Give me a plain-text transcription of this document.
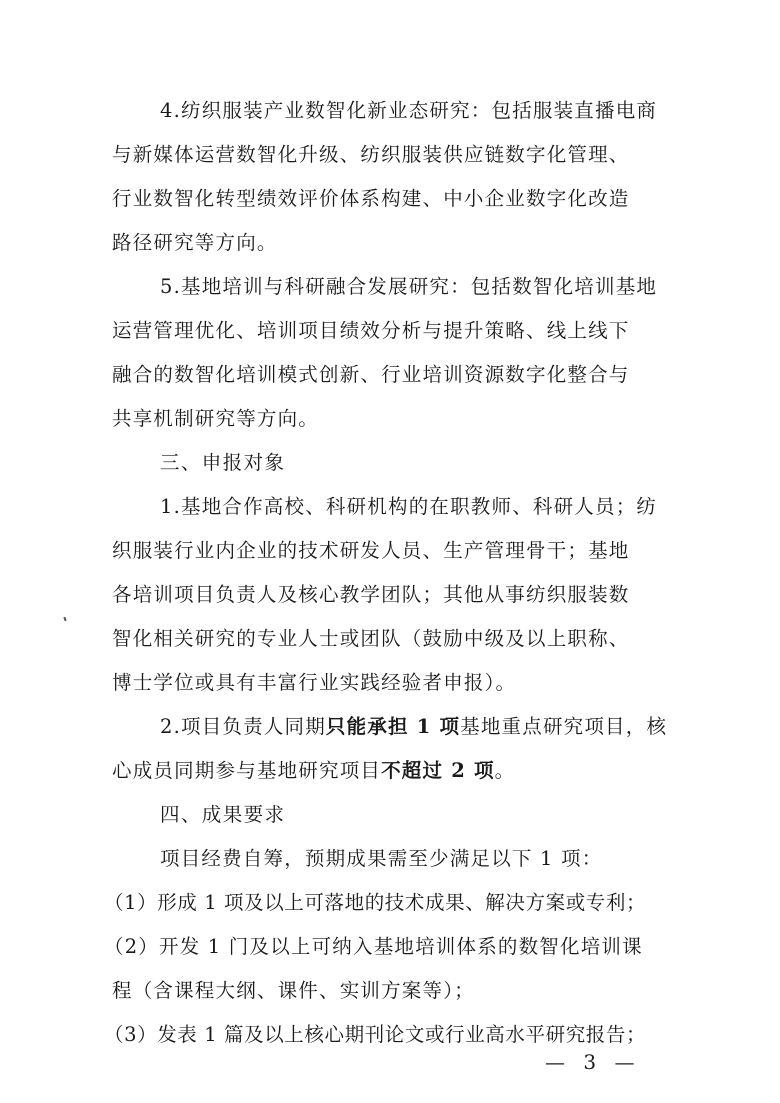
4.纺织服装产业数智化新业态研究：包括服装直播电商
与新媒体运营数智化升级、纺织服装供应链数字化管理、
行业数智化转型绩效评价体系构建、中小企业数字化改造
路径研究等方向。
5.基地培训与科研融合发展研究：包括数智化培训基地
运营管理优化、培训项目绩效分析与提升策略、线上线下
融合的数智化培训模式创新、行业培训资源数字化整合与
共享机制研究等方向。
三、申报对象
1.基地合作高校、科研机构的在职教师、科研人员；纺
织服装行业内企业的技术研发人员、生产管理骨干；基地
各培训项目负责人及核心教学团队；其他从事纺织服装数
智化相关研究的专业人士或团队（鼓励中级及以上职称、
博士学位或具有丰富行业实践经验者申报）。
2.项目负责人同期只能承担 1 项基地重点研究项目，核
心成员同期参与基地研究项目不超过 2 项。
四、成果要求
项目经费自筹，预期成果需至少满足以下 1 项：
（1）形成 1 项及以上可落地的技术成果、解决方案或专利；
（2）开发 1 门及以上可纳入基地培训体系的数智化培训课
程（含课程大纲、课件、实训方案等）；
（3）发表 1 篇及以上核心期刊论文或行业高水平研究报告；
— 3 —
